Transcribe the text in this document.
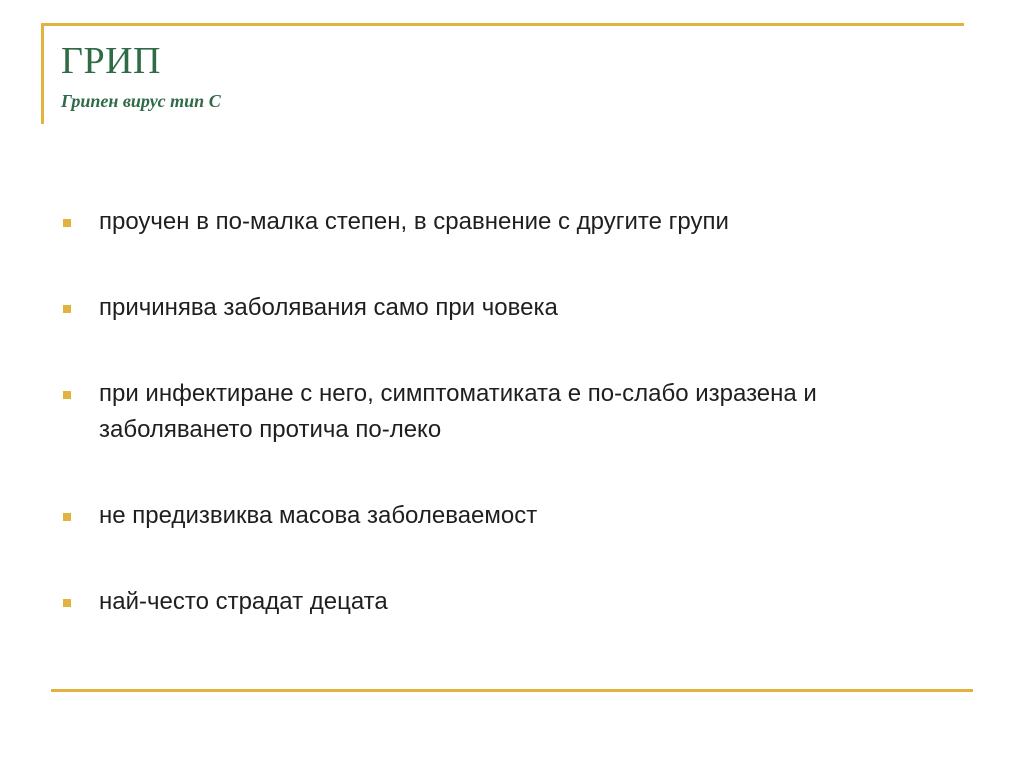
ГРИП
Грипен вирус тип С
проучен в по-малка степен, в сравнение с другите групи
причинява заболявания само при човека
при инфектиране с него, симптоматиката е по-слабо изразена и заболяването протича по-леко
не предизвиква масова заболеваемост
най-често страдат децата
